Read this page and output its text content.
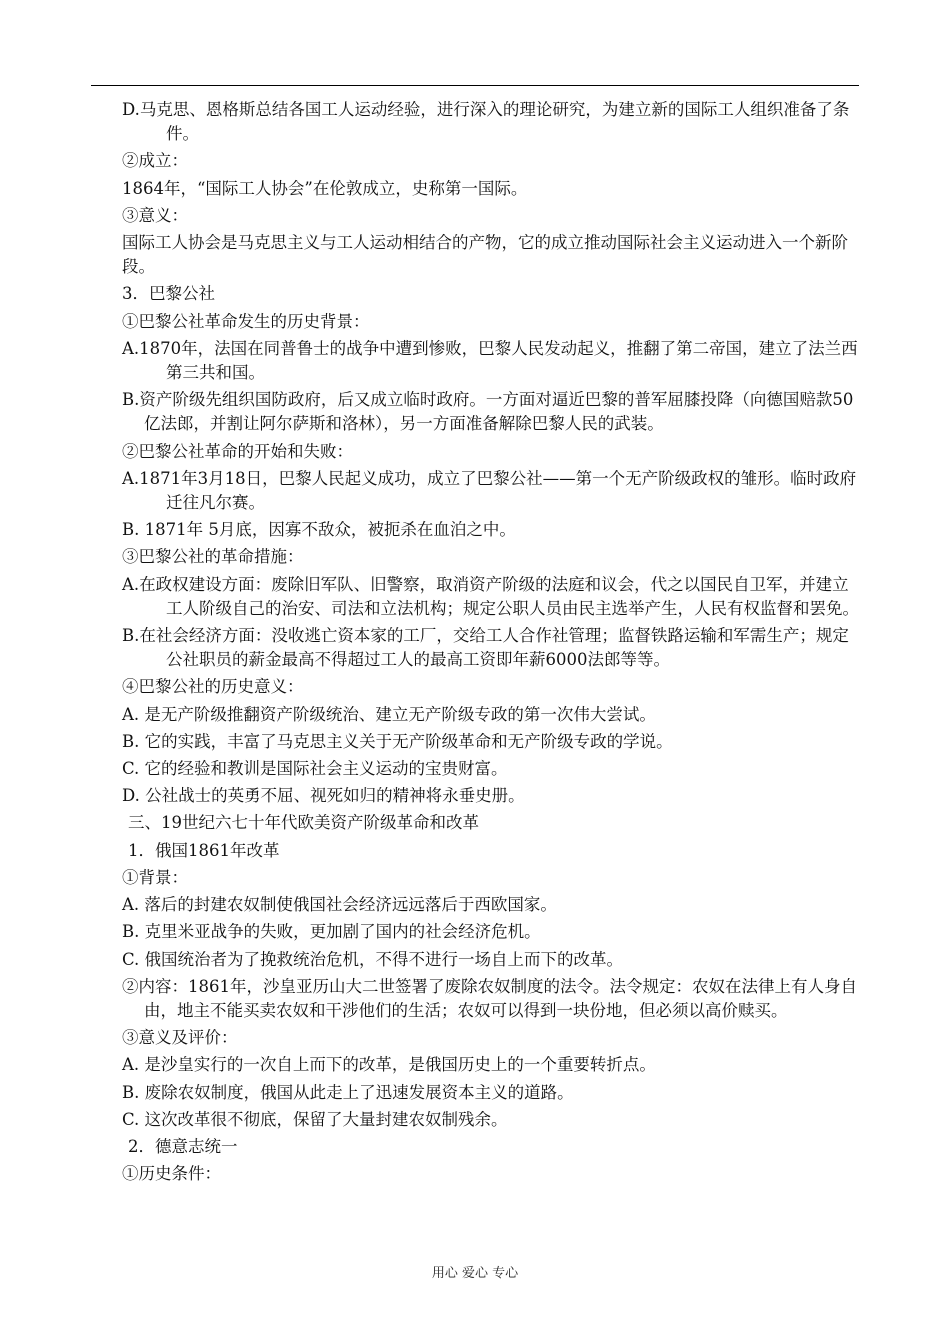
D.马克思、恩格斯总结各国工人运动经验，进行深入的理论研究，为建立新的国际工人组织准备了条件。

②成立：

1864年，“国际工人协会”在伦敦成立，史称第一国际。

③意义：

国际工人协会是马克思主义与工人运动相结合的产物，它的成立推动国际社会主义运动进入一个新阶段。

3．巴黎公社

①巴黎公社革命发生的历史背景：

A.1870年，法国在同普鲁士的战争中遭到惨败，巴黎人民发动起义，推翻了第二帝国，建立了法兰西第三共和国。

B.资产阶级先组织国防政府，后又成立临时政府。一方面对逼近巴黎的普军屈膝投降（向德国赔款50亿法郎，并割让阿尔萨斯和洛林），另一方面准备解除巴黎人民的武装。

②巴黎公社革命的开始和失败：

A.1871年3月18日，巴黎人民起义成功，成立了巴黎公社——第一个无产阶级政权的雏形。临时政府迁往凡尔赛。

B. 1871年 5月底，因寡不敌众，被扼杀在血泊之中。

③巴黎公社的革命措施：

A.在政权建设方面：废除旧军队、旧警察，取消资产阶级的法庭和议会，代之以国民自卫军，并建立工人阶级自己的治安、司法和立法机构；规定公职人员由民主选举产生，人民有权监督和罢免。

B.在社会经济方面：没收逃亡资本家的工厂，交给工人合作社管理；监督铁路运输和军需生产；规定公社职员的薪金最高不得超过工人的最高工资即年薪6000法郎等等。

④巴黎公社的历史意义：

A. 是无产阶级推翻资产阶级统治、建立无产阶级专政的第一次伟大尝试。

B. 它的实践，丰富了马克思主义关于无产阶级革命和无产阶级专政的学说。

C. 它的经验和教训是国际社会主义运动的宝贵财富。

D. 公社战士的英勇不屈、视死如归的精神将永垂史册。

三、19世纪六七十年代欧美资产阶级革命和改革

1．俄国1861年改革

①背景：

A. 落后的封建农奴制使俄国社会经济远远落后于西欧国家。

B. 克里米亚战争的失败，更加剧了国内的社会经济危机。

C. 俄国统治者为了挽救统治危机，不得不进行一场自上而下的改革。

②内容：1861年，沙皇亚历山大二世签署了废除农奴制度的法令。法令规定：农奴在法律上有人身自由，地主不能买卖农奴和干涉他们的生活；农奴可以得到一块份地，但必须以高价赎买。

③意义及评价：

A. 是沙皇实行的一次自上而下的改革，是俄国历史上的一个重要转折点。

B. 废除农奴制度，俄国从此走上了迅速发展资本主义的道路。

C. 这次改革很不彻底，保留了大量封建农奴制残余。

2．德意志统一

①历史条件：

用心 爱心 专心
